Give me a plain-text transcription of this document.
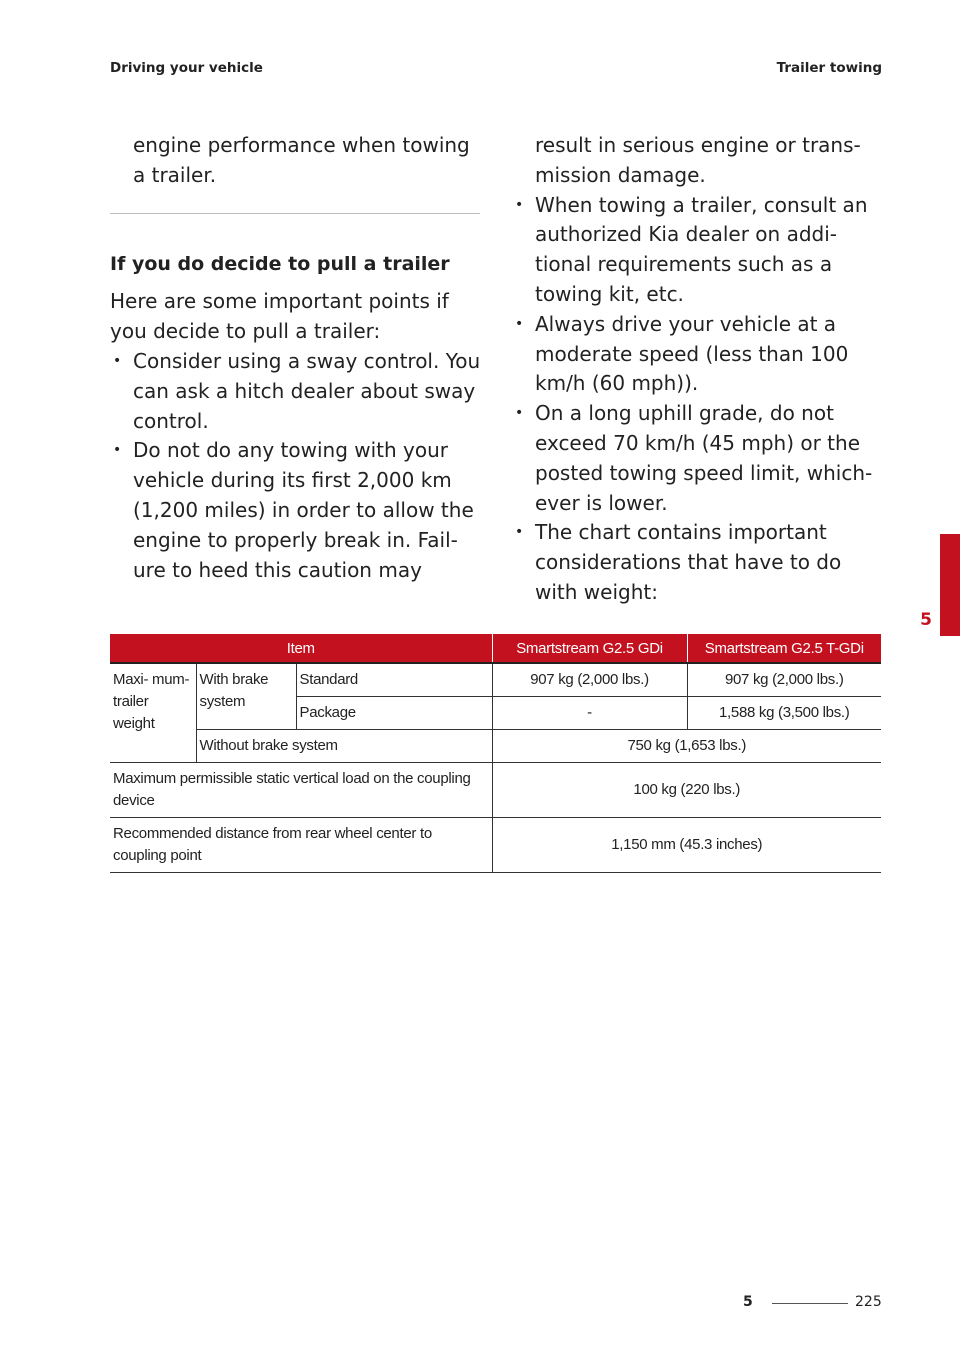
Driving your vehicle	Trailer towing

engine performance when towing a trailer.

If you do decide to pull a trailer

Here are some important points if you decide to pull a trailer:

• Consider using a sway control. You can ask a hitch dealer about sway control.
• Do not do any towing with your vehicle during its first 2,000 km (1,200 miles) in order to allow the engine to properly break in. Fail- ure to heed this caution may

result in serious engine or trans- mission damage.

• When towing a trailer, consult an authorized Kia dealer on addi- tional requirements such as a towing kit, etc.
• Always drive your vehicle at a moderate speed (less than 100 km/h (60 mph)).
• On a long uphill grade, do not exceed 70 km/h (45 mph) or the posted towing speed limit, which- ever is lower.
• The chart contains important considerations that have to do with weight:
Item			Smartstream G2.5 GDi	Smartstream G2.5 T-GDi
Maxi- mum- trailer weight	With brake system	Standard	907 kg (2,000 lbs.)	907 kg (2,000 lbs.)
		Package	-	1,588 kg (3,500 lbs.)
	Without brake system		750 kg (1,653 lbs.)	
Maximum permissible static vertical load on the coupling device			100 kg (220 lbs.)	
Recommended distance from rear wheel center to coupling point			1,150 mm (45.3 inches)	
5
5	225
